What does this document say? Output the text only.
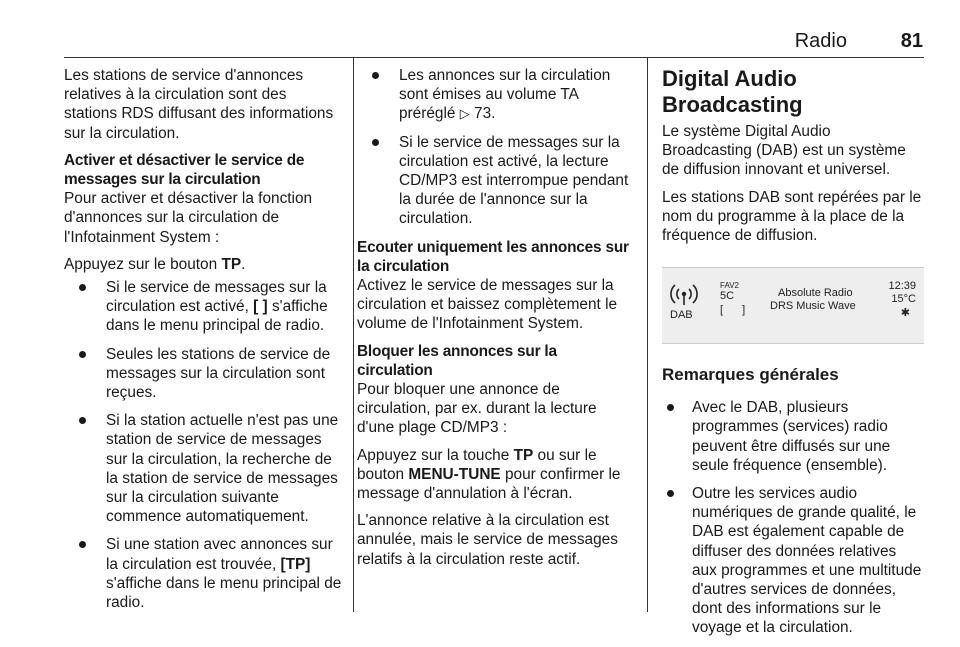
Radio	81

Les stations de service d'annonces relatives à la circulation sont des stations RDS diffusant des informations sur la circulation.

Activer et désactiver le service de messages sur la circulation

Pour activer et désactiver la fonction d'annonces sur la circulation de l'Infotainment System :

Appuyez sur le bouton TP.

Si le service de messages sur la circulation est activé, [ ] s'affiche dans le menu principal de radio.
Seules les stations de service de messages sur la circulation sont reçues.
Si la station actuelle n'est pas une station de service de messages sur la circulation, la recherche de la station de service de messages sur la circulation suivante commence automatiquement.
Si une station avec annonces sur la circulation est trouvée, [TP] s'affiche dans le menu principal de radio.
Les annonces sur la circulation sont émises au volume TA préréglé ▷ 73.
Si le service de messages sur la circulation est activé, la lecture CD/MP3 est interrompue pendant la durée de l'annonce sur la circulation.
Ecouter uniquement les annonces sur la circulation

Activez le service de messages sur la circulation et baissez complètement le volume de l'Infotainment System.

Bloquer les annonces sur la circulation

Pour bloquer une annonce de circulation, par ex. durant la lecture d'une plage CD/MP3 :

Appuyez sur la touche TP ou sur le bouton MENU-TUNE pour confirmer le message d'annulation à l'écran.

L'annonce relative à la circulation est annulée, mais le service de messages relatifs à la circulation reste actif.

Digital Audio Broadcasting

Le système Digital Audio Broadcasting (DAB) est un système de diffusion innovant et universel.

Les stations DAB sont repérées par le nom du programme à la place de la fréquence de diffusion.

DAB
FAV2
5C
[ ]
Absolute Radio
DRS Music Wave
12:39
15°C
✱
Remarques générales
Avec le DAB, plusieurs programmes (services) radio peuvent être diffusés sur une seule fréquence (ensemble).
Outre les services audio numériques de grande qualité, le DAB est également capable de diffuser des données relatives aux programmes et une multitude d'autres services de données, dont des informations sur le voyage et la circulation.
